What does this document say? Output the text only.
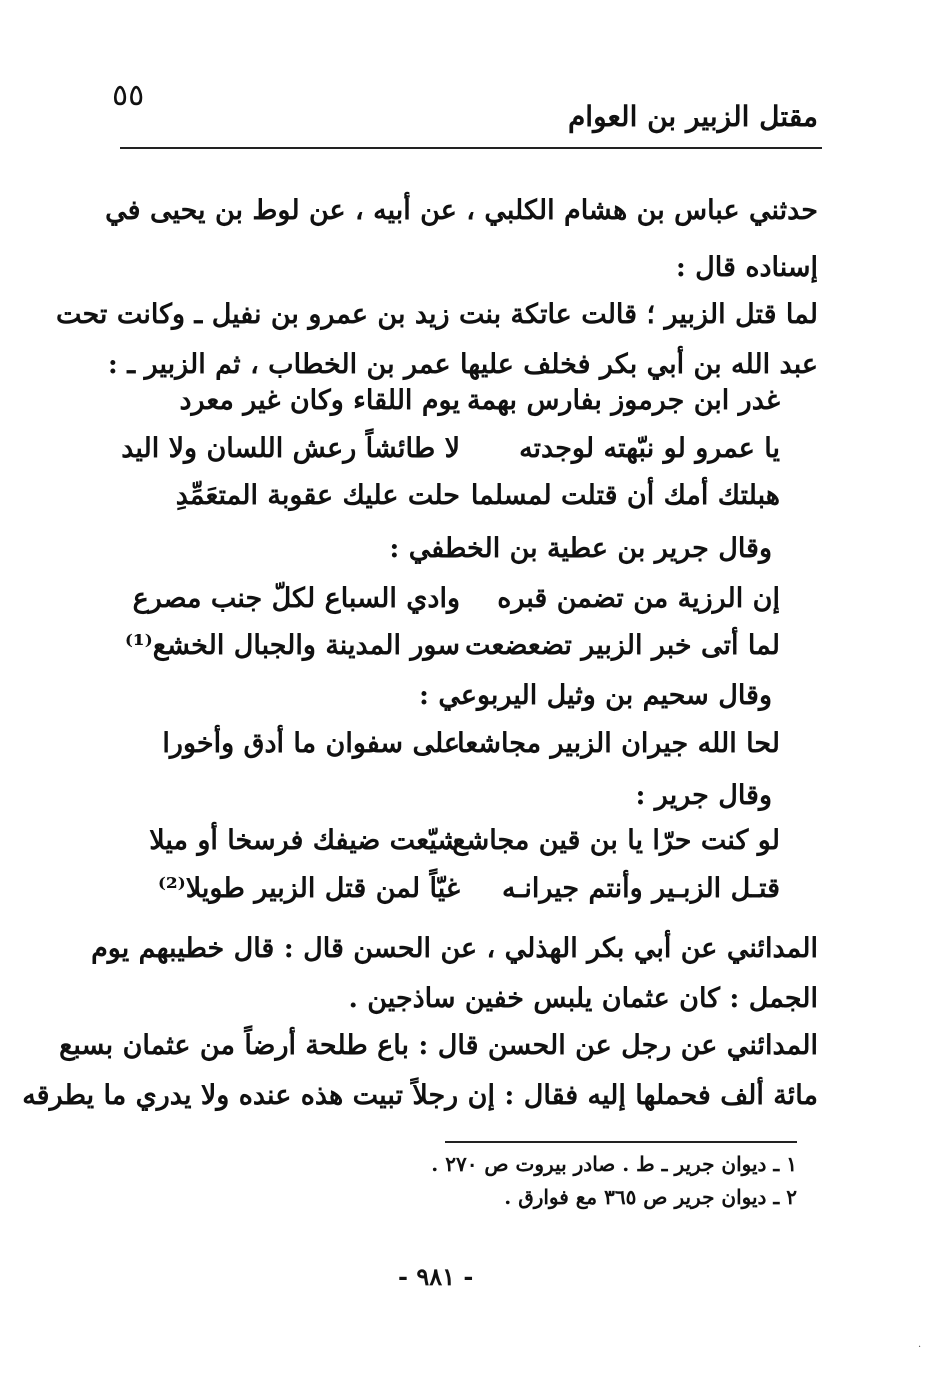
٥٥
مقتل الزبير بن العوام
حدثني عباس بن هشام الكلبي ، عن أبيه ، عن لوط بن يحيى في
إسناده قال :
لما قتل الزبير ؛ قالت عاتكة بنت زيد بن عمرو بن نفيل ـ وكانت تحت
عبد الله بن أبي بكر فخلف عليها عمر بن الخطاب ، ثم الزبير ـ :
غدر ابن جرموز بفارس بهمة
يوم اللقاء وكان غير معرد
يا عمرو لو نبّهته لوجدته
لا طائشاً رعش اللسان ولا اليد
هبلتك أمك أن قتلت لمسلما
حلت عليك عقوبة المتعَمِّدِ
وقال جرير بن عطية بن الخطفي :
إن الرزية من تضمن قبره
وادي السباع لكلّ جنب مصرع
لما أتى خبر الزبير تضعضعت
سور المدينة والجبال الخشع⁽¹⁾
وقال سحيم بن وثيل اليربوعي :
لحا الله جيران الزبير مجاشعا
على سفوان ما أدق وأخورا
وقال جرير :
لو كنت حرّا يا بن قين مجاشع
شيّعت ضيفك فرسخا أو ميلا
قتـل الزبـير وأنتم جيرانـه
غيّاً لمن قتل الزبير طويلا⁽²⁾
المدائني عن أبي بكر الهذلي ، عن الحسن قال : قال خطيبهم يوم
الجمل : كان عثمان يلبس خفين ساذجين .
المدائني عن رجل عن الحسن قال : باع طلحة أرضاً من عثمان بسبع
مائة ألف فحملها إليه فقال : إن رجلاً تبيت هذه عنده ولا يدري ما يطرقه
١ ـ ديوان جرير ـ ط . صادر بيروت ص ٢٧٠ .
٢ ـ ديوان جرير ص ٣٦٥ مع فوارق .
- ٩٨١ -
·
